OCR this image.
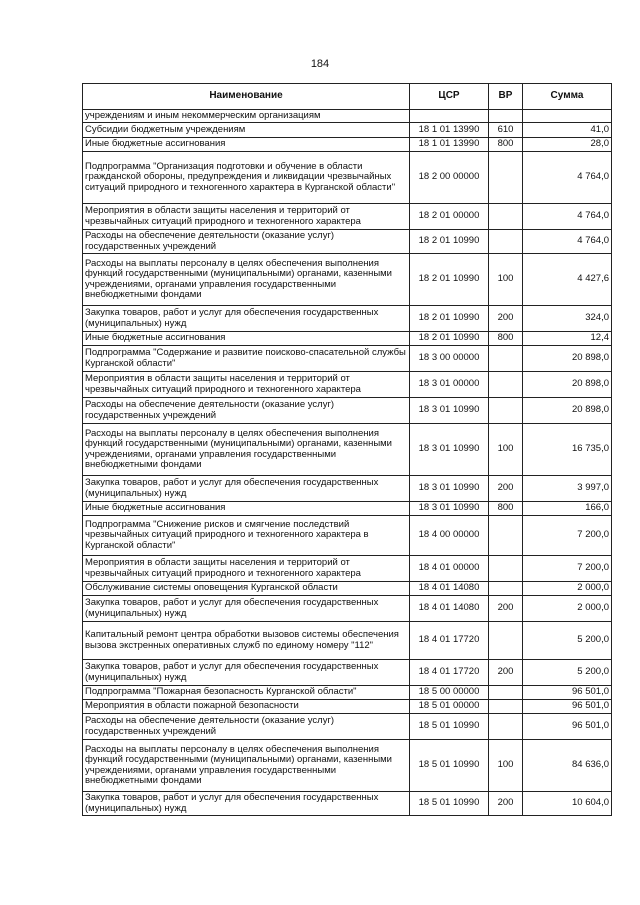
184
Наименование	ЦСР	ВР	Сумма
учреждениям и иным некоммерческим организациям			
Субсидии бюджетным учреждениям	18 1 01 13990	610	41,0
Иные бюджетные ассигнования	18 1 01 13990	800	28,0
Подпрограмма "Организация подготовки и обучение в области гражданской обороны, предупреждения и ликвидации чрезвычайных ситуаций природного и техногенного характера в Курганской области"	18 2 00 00000		4 764,0
Мероприятия в области защиты населения и территорий от чрезвычайных ситуаций природного и техногенного характера	18 2 01 00000		4 764,0
Расходы на обеспечение деятельности (оказание услуг) государственных учреждений	18 2 01 10990		4 764,0
Расходы на выплаты персоналу в целях обеспечения выполнения функций государственными (муниципальными) органами, казенными учреждениями, органами управления государственными внебюджетными фондами	18 2 01 10990	100	4 427,6
Закупка товаров, работ и услуг для обеспечения государственных (муниципальных) нужд	18 2 01 10990	200	324,0
Иные бюджетные ассигнования	18 2 01 10990	800	12,4
Подпрограмма "Содержание и развитие поисково-спасательной службы Курганской области"	18 3 00 00000		20 898,0
Мероприятия в области защиты населения и территорий от чрезвычайных ситуаций природного и техногенного характера	18 3 01 00000		20 898,0
Расходы на обеспечение деятельности (оказание услуг) государственных учреждений	18 3 01 10990		20 898,0
Расходы на выплаты персоналу в целях обеспечения выполнения функций государственными (муниципальными) органами, казенными учреждениями, органами управления государственными внебюджетными фондами	18 3 01 10990	100	16 735,0
Закупка товаров, работ и услуг для обеспечения государственных (муниципальных) нужд	18 3 01 10990	200	3 997,0
Иные бюджетные ассигнования	18 3 01 10990	800	166,0
Подпрограмма "Снижение рисков и смягчение последствий чрезвычайных ситуаций природного и техногенного характера в Курганской области"	18 4 00 00000		7 200,0
Мероприятия в области защиты населения и территорий от чрезвычайных ситуаций природного и техногенного характера	18 4 01 00000		7 200,0
Обслуживание системы оповещения Курганской области	18 4 01 14080		2 000,0
Закупка товаров, работ и услуг для обеспечения государственных (муниципальных) нужд	18 4 01 14080	200	2 000,0
Капитальный ремонт центра обработки вызовов системы обеспечения вызова экстренных оперативных служб по единому номеру "112"	18 4 01 17720		5 200,0
Закупка товаров, работ и услуг для обеспечения государственных (муниципальных) нужд	18 4 01 17720	200	5 200,0
Подпрограмма "Пожарная безопасность Курганской области"	18 5 00 00000		96 501,0
Мероприятия в области пожарной безопасности	18 5 01 00000		96 501,0
Расходы на обеспечение деятельности (оказание услуг) государственных учреждений	18 5 01 10990		96 501,0
Расходы на выплаты персоналу в целях обеспечения выполнения функций государственными (муниципальными) органами, казенными учреждениями, органами управления государственными внебюджетными фондами	18 5 01 10990	100	84 636,0
Закупка товаров, работ и услуг для обеспечения государственных (муниципальных) нужд	18 5 01 10990	200	10 604,0
